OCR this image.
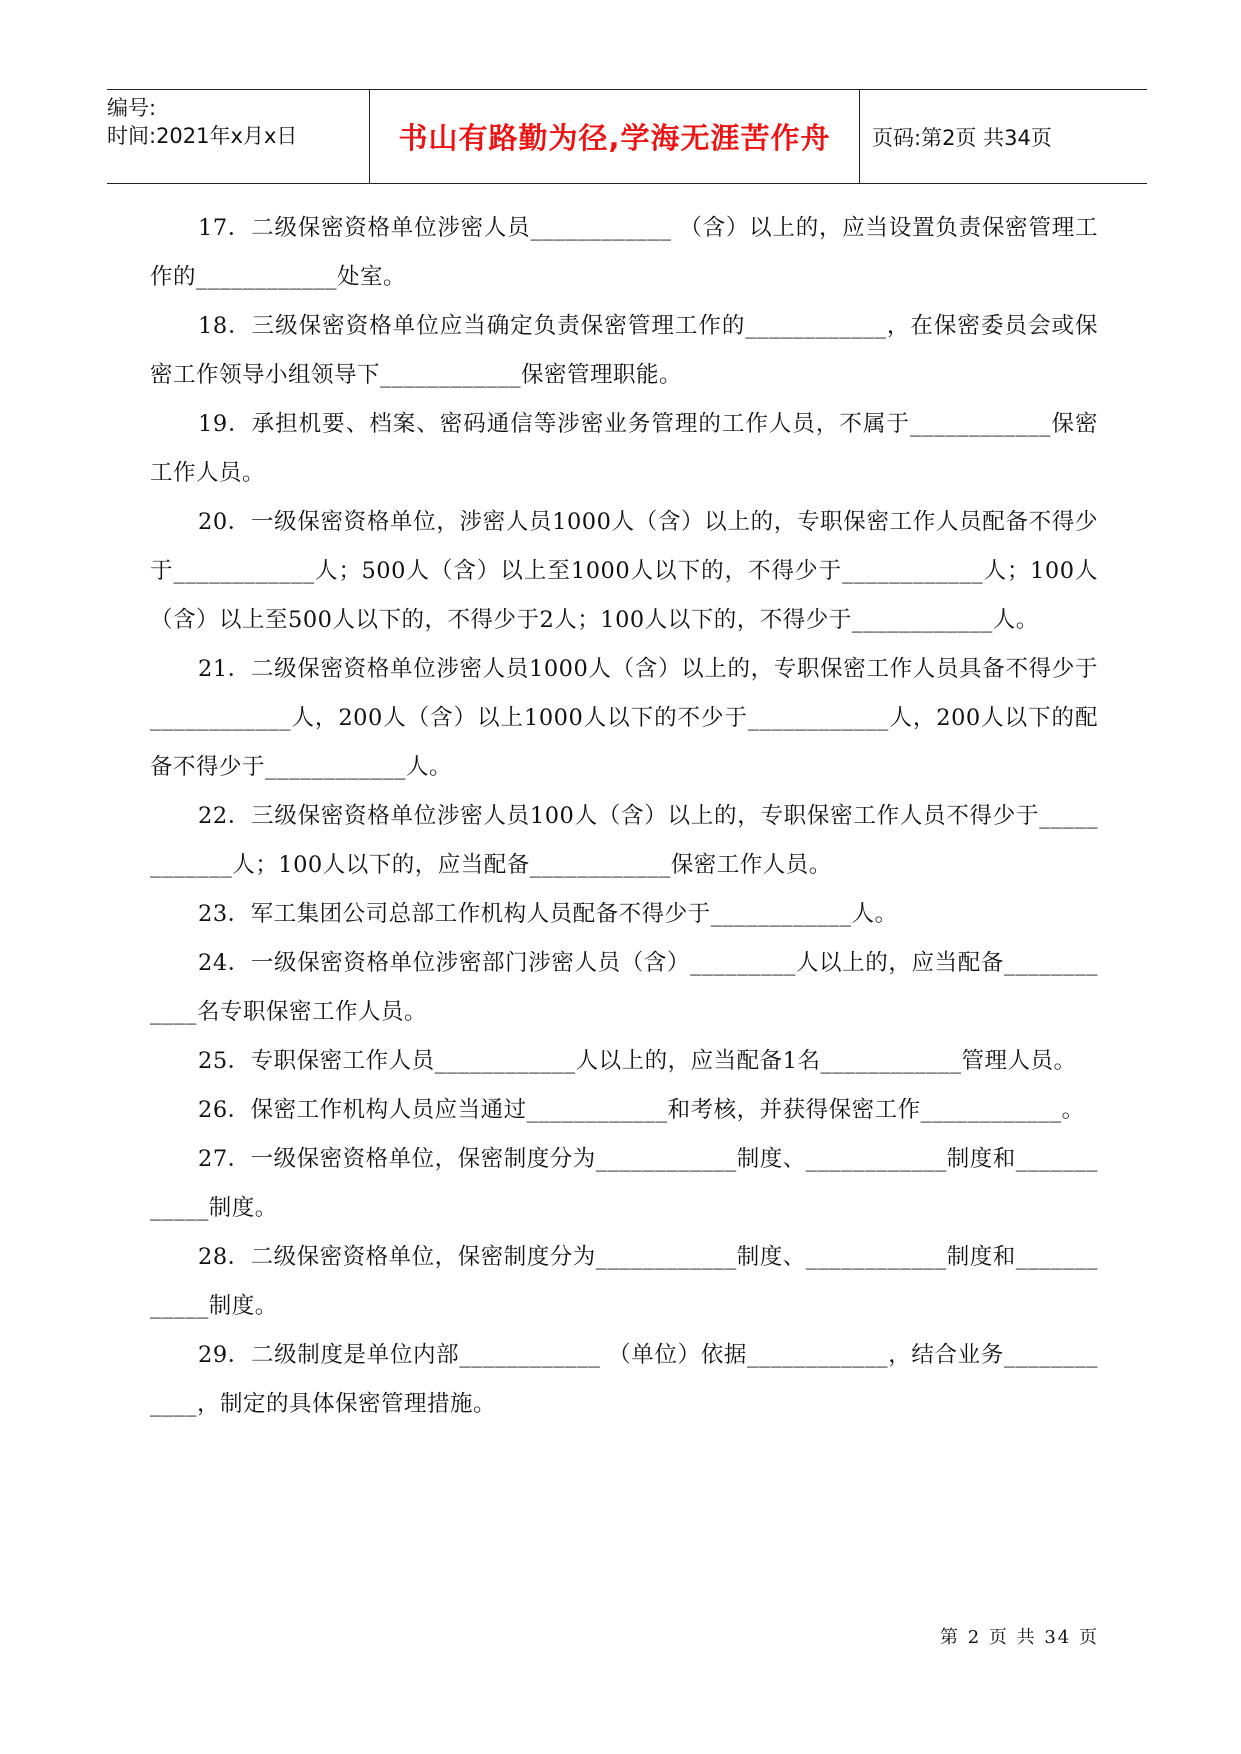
编号:
时间:2021年x月x日	书山有路勤为径,学海无涯苦作舟	页码:第2页 共34页

17．二级保密资格单位涉密人员____________ （含）以上的，应当设置负责保密管理工作的____________处室。

18．三级保密资格单位应当确定负责保密管理工作的____________，在保密委员会或保密工作领导小组领导下____________保密管理职能。

19．承担机要、档案、密码通信等涉密业务管理的工作人员，不属于____________保密工作人员。

20．一级保密资格单位，涉密人员1000人（含）以上的，专职保密工作人员配备不得少于____________人；500人（含）以上至1000人以下的，不得少于____________人；100人（含）以上至500人以下的，不得少于2人；100人以下的，不得少于____________人。

21．二级保密资格单位涉密人员1000人（含）以上的，专职保密工作人员具备不得少于____________人，200人（含）以上1000人以下的不少于____________人，200人以下的配备不得少于____________人。

22．三级保密资格单位涉密人员100人（含）以上的，专职保密工作人员不得少于____________人；100人以下的，应当配备____________保密工作人员。

23．军工集团公司总部工作机构人员配备不得少于____________人。

24．一级保密资格单位涉密部门涉密人员（含）_________人以上的，应当配备____________名专职保密工作人员。

25．专职保密工作人员____________人以上的，应当配备1名____________管理人员。

26．保密工作机构人员应当通过____________和考核，并获得保密工作____________。

27．一级保密资格单位，保密制度分为____________制度、____________制度和____________制度。

28．二级保密资格单位，保密制度分为____________制度、____________制度和____________制度。

29．二级制度是单位内部____________ （单位）依据____________，结合业务____________，制定的具体保密管理措施。

第 2 页 共 34 页
